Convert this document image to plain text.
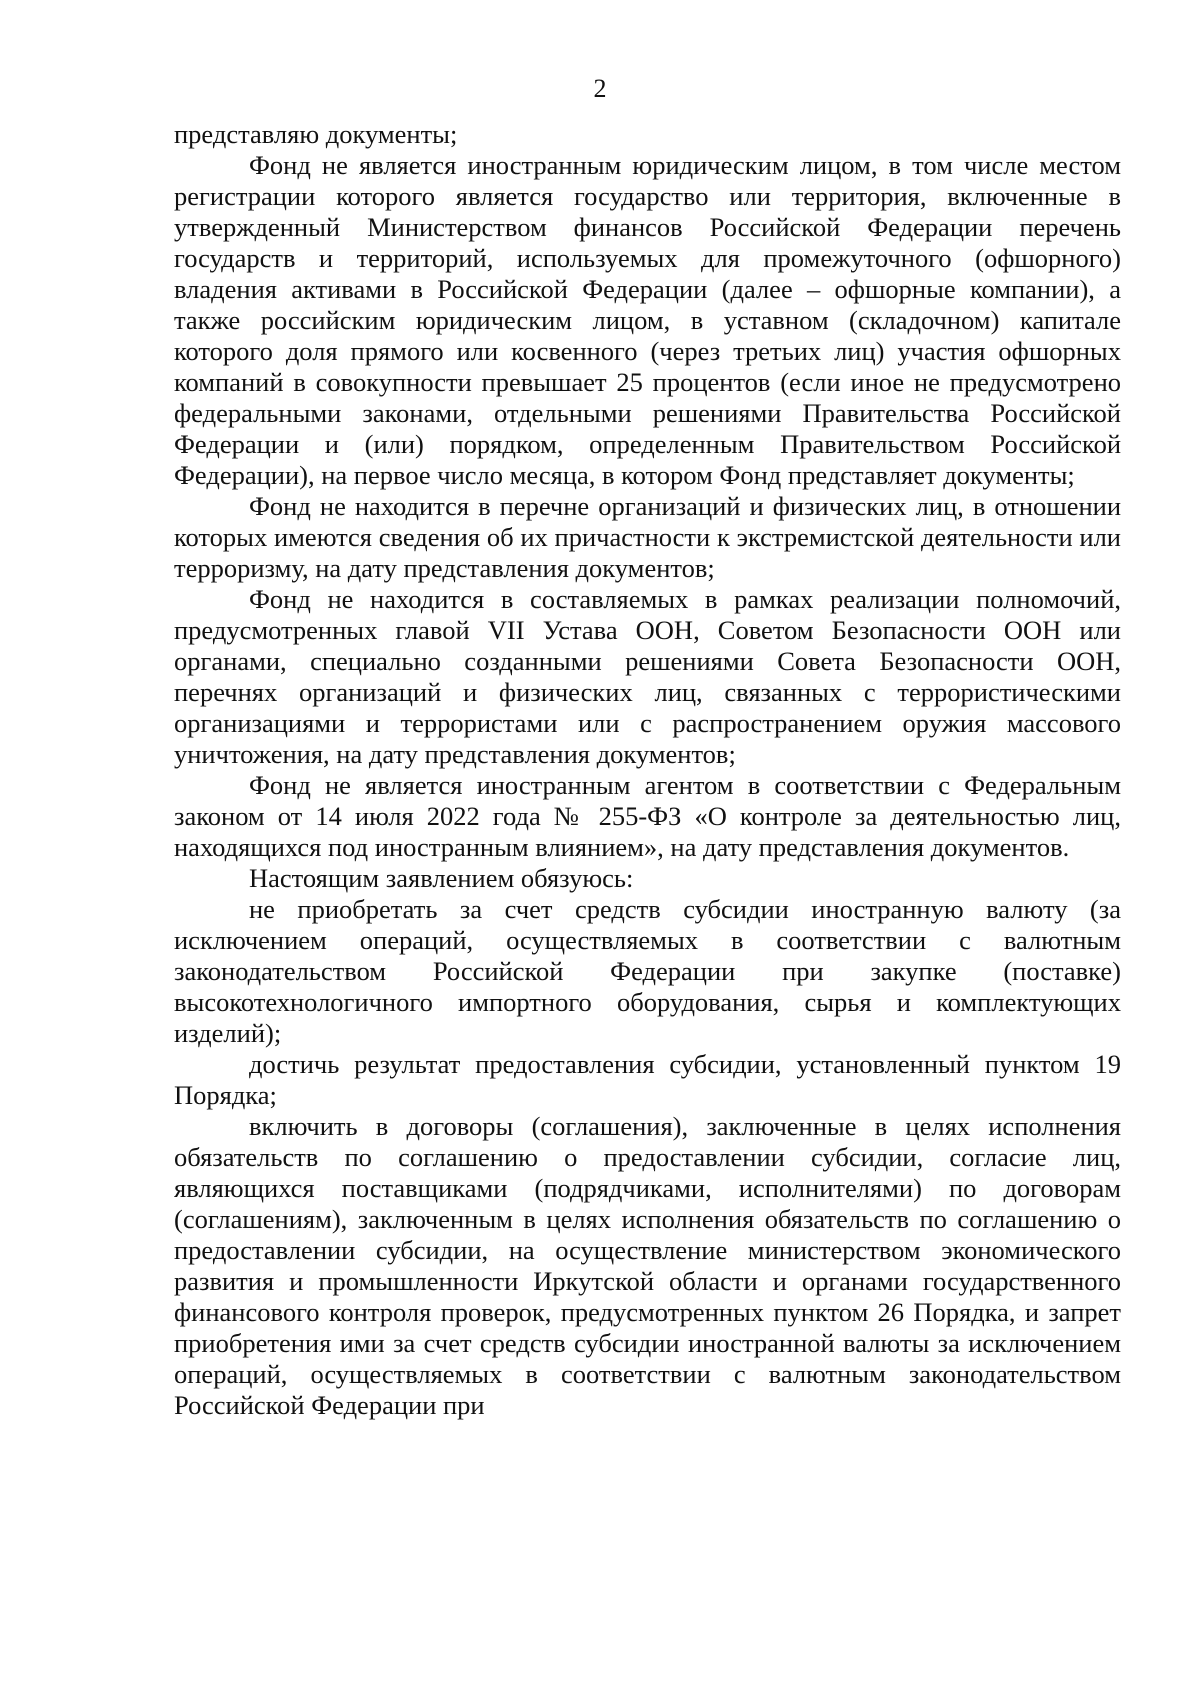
2

представляю документы;

Фонд не является иностранным юридическим лицом, в том числе местом регистрации которого является государство или территория, включенные в утвержденный Министерством финансов Российской Федерации перечень государств и территорий, используемых для промежуточного (офшорного) владения активами в Российской Федерации (далее – офшорные компании), а также российским юридическим лицом, в уставном (складочном) капитале которого доля прямого или косвенного (через третьих лиц) участия офшорных компаний в совокупности превышает 25 процентов (если иное не предусмотрено федеральными законами, отдельными решениями Правительства Российской Федерации и (или) порядком, определенным Правительством Российской Федерации), на первое число месяца, в котором Фонд представляет документы;

Фонд не находится в перечне организаций и физических лиц, в отношении которых имеются сведения об их причастности к экстремистской деятельности или терроризму, на дату представления документов;

Фонд не находится в составляемых в рамках реализации полномочий, предусмотренных главой VII Устава ООН, Советом Безопасности ООН или органами, специально созданными решениями Совета Безопасности ООН, перечнях организаций и физических лиц, связанных с террористическими организациями и террористами или с распространением оружия массового уничтожения, на дату представления документов;

Фонд не является иностранным агентом в соответствии с Федеральным законом от 14 июля 2022 года № 255-ФЗ «О контроле за деятельностью лиц, находящихся под иностранным влиянием», на дату представления документов.

Настоящим заявлением обязуюсь:

не приобретать за счет средств субсидии иностранную валюту (за исключением операций, осуществляемых в соответствии с валютным законодательством Российской Федерации при закупке (поставке) высокотехнологичного импортного оборудования, сырья и комплектующих изделий);

достичь результат предоставления субсидии, установленный пунктом 19 Порядка;

включить в договоры (соглашения), заключенные в целях исполнения обязательств по соглашению о предоставлении субсидии, согласие лиц, являющихся поставщиками (подрядчиками, исполнителями) по договорам (соглашениям), заключенным в целях исполнения обязательств по соглашению о предоставлении субсидии, на осуществление министерством экономического развития и промышленности Иркутской области и органами государственного финансового контроля проверок, предусмотренных пунктом 26 Порядка, и запрет приобретения ими за счет средств субсидии иностранной валюты за исключением операций, осуществляемых в соответствии с валютным законодательством Российской Федерации при
